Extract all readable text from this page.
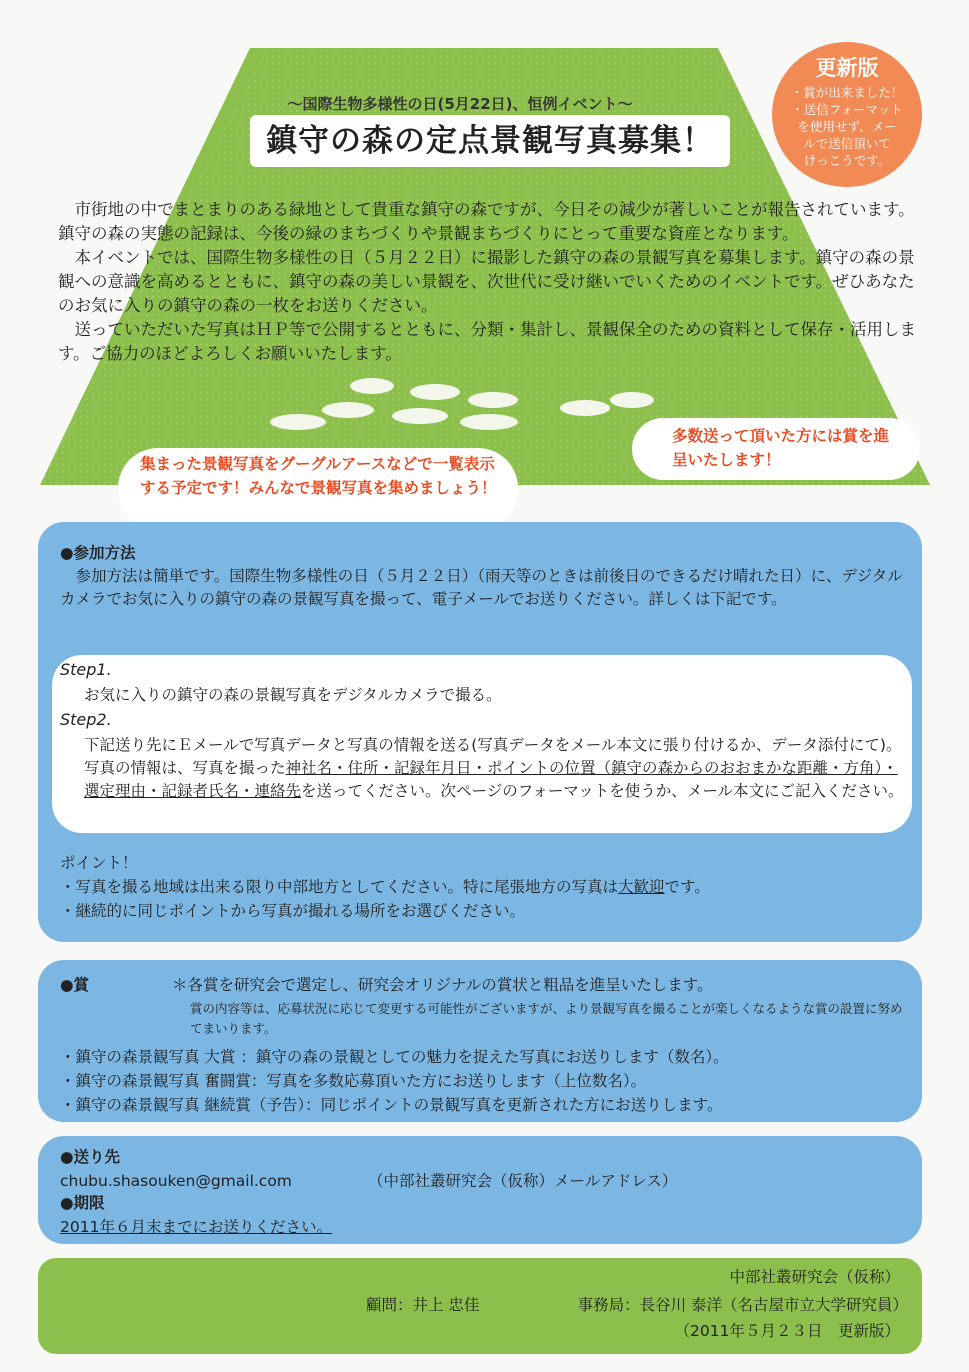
〜国際生物多様性の日(5月22日)、恒例イベント〜
鎮守の森の定点景観写真募集！
更新版
・賞が出来ました！
・送信フォーマット
を使用せず、メー
ルで送信頂いて
けっこうです。

市街地の中でまとまりのある緑地として貴重な鎮守の森ですが、今日その減少が著しいことが報告されています。鎮守の森の実態の記録は、今後の緑のまちづくりや景観まちづくりにとって重要な資産となります。

本イベントでは、国際生物多様性の日（５月２２日）に撮影した鎮守の森の景観写真を募集します。鎮守の森の景観への意識を高めるとともに、鎮守の森の美しい景観を、次世代に受け継いでいくためのイベントです。ぜひあなたのお気に入りの鎮守の森の一枚をお送りください。

送っていただいた写真はＨＰ等で公開するとともに、分類・集計し、景観保全のための資料として保存・活用します。ご協力のほどよろしくお願いいたします。

集まった景観写真をグーグルアースなどで一覧表示する予定です！みんなで景観写真を集めましょう！
多数送って頂いた方には賞を進呈いたします！
●参加方法
参加方法は簡単です。国際生物多様性の日（５月２２日）（雨天等のときは前後日のできるだけ晴れた日）に、デジタルカメラでお気に入りの鎮守の森の景観写真を撮って、電子メールでお送りください。詳しくは下記です。
Step1.
お気に入りの鎮守の森の景観写真をデジタルカメラで撮る。
Step2.
下記送り先にＥメールで写真データと写真の情報を送る(写真データをメール本文に張り付けるか、データ添付にて)。写真の情報は、写真を撮った神社名・住所・記録年月日・ポイントの位置（鎮守の森からのおおまかな距離・方角）・選定理由・記録者氏名・連絡先を送ってください。次ページのフォーマットを使うか、メール本文にご記入ください。
ポイント！
・写真を撮る地域は出来る限り中部地方としてください。特に尾張地方の写真は大歓迎です。
・継続的に同じポイントから写真が撮れる場所をお選びください。
●賞	＊各賞を研究会で選定し、研究会オリジナルの賞状と粗品を進呈いたします。
賞の内容等は、応募状況に応じて変更する可能性がございますが、より景観写真を撮ることが楽しくなるような賞の設置に努めてまいります。
・鎮守の森景観写真 大賞 ：鎮守の森の景観としての魅力を捉えた写真にお送りします（数名）。
・鎮守の森景観写真 奮闘賞：写真を多数応募頂いた方にお送りします（上位数名）。
・鎮守の森景観写真 継続賞（予告）：同じポイントの景観写真を更新された方にお送りします。
●送り先
chubu.shasouken@gmail.com	（中部社叢研究会（仮称）メールアドレス）
●期限
2011年６月末までにお送りください。
中部社叢研究会（仮称）
顧問：井上 忠佳	事務局：長谷川 泰洋（名古屋市立大学研究員）
（2011年５月２３日　更新版）
